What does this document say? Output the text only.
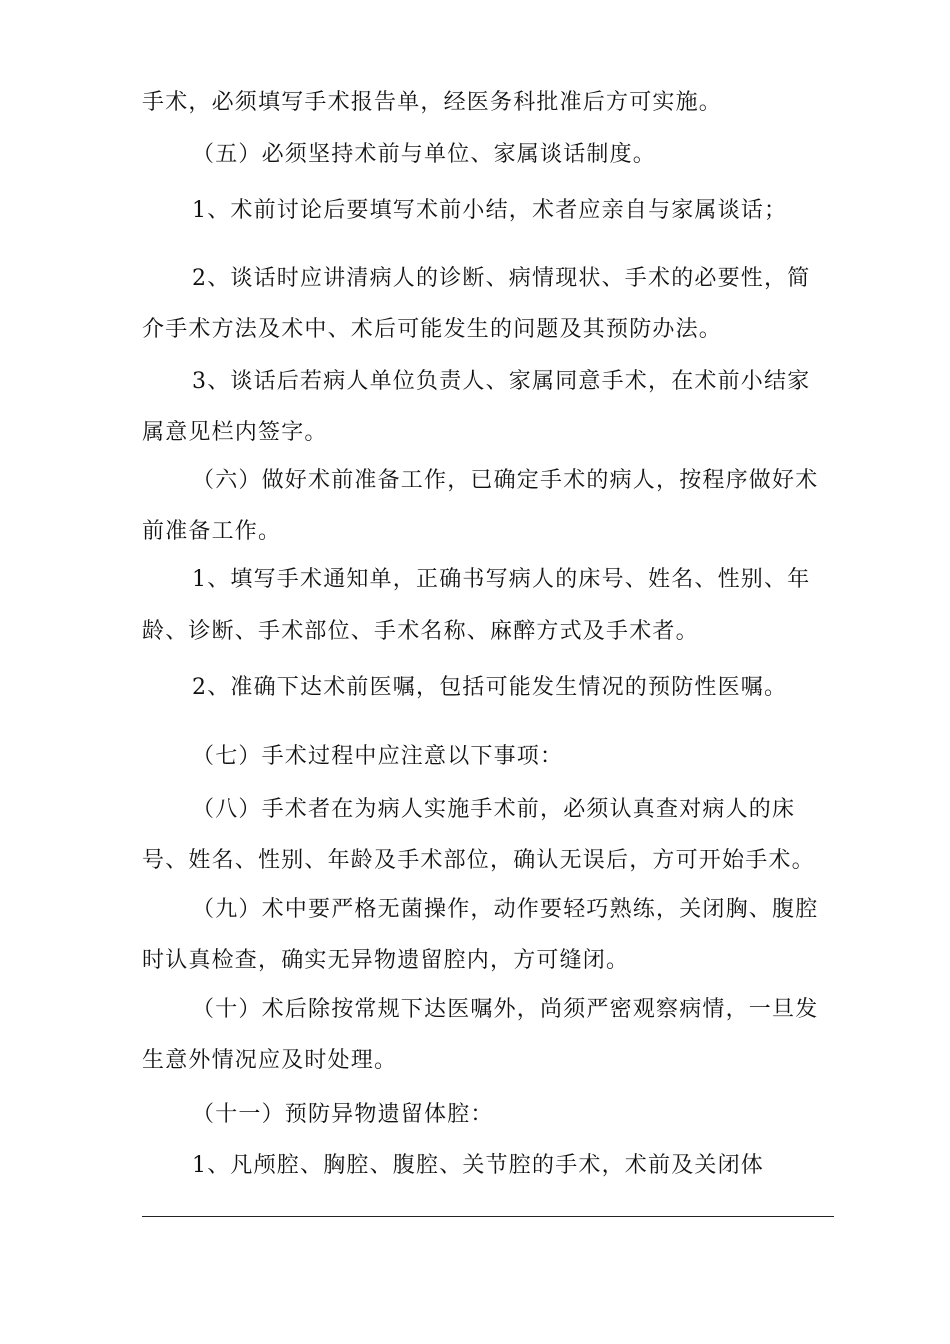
手术，必须填写手术报告单，经医务科批准后方可实施。
（五）必须坚持术前与单位、家属谈话制度。
1、术前讨论后要填写术前小结，术者应亲自与家属谈话；
2、谈话时应讲清病人的诊断、病情现状、手术的必要性，简
介手术方法及术中、术后可能发生的问题及其预防办法。
3、谈话后若病人单位负责人、家属同意手术，在术前小结家
属意见栏内签字。
（六）做好术前准备工作，已确定手术的病人，按程序做好术
前准备工作。
1、填写手术通知单，正确书写病人的床号、姓名、性别、年
龄、诊断、手术部位、手术名称、麻醉方式及手术者。
2、准确下达术前医嘱，包括可能发生情况的预防性医嘱。
（七）手术过程中应注意以下事项：
（八）手术者在为病人实施手术前，必须认真查对病人的床
号、姓名、性别、年龄及手术部位，确认无误后，方可开始手术。
（九）术中要严格无菌操作，动作要轻巧熟练，关闭胸、腹腔
时认真检查，确实无异物遗留腔内，方可缝闭。
（十）术后除按常规下达医嘱外，尚须严密观察病情，一旦发
生意外情况应及时处理。
（十一）预防异物遗留体腔：
1、凡颅腔、胸腔、腹腔、关节腔的手术，术前及关闭体
